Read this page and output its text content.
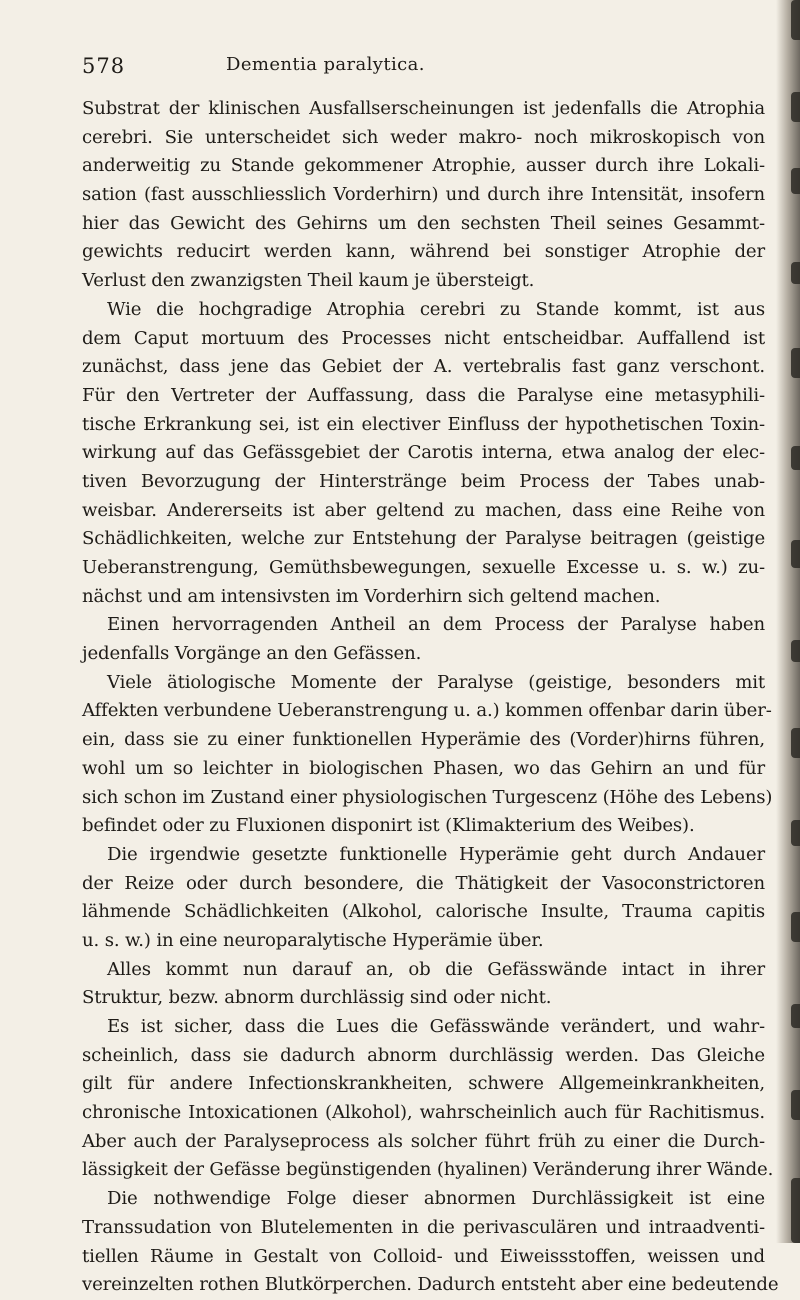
578	Dementia paralytica.
Substrat der klinischen Ausfallserscheinungen ist jedenfalls die Atrophia
cerebri. Sie unterscheidet sich weder makro- noch mikroskopisch von
anderweitig zu Stande gekommener Atrophie, ausser durch ihre Lokali-
sation (fast ausschliesslich Vorderhirn) und durch ihre Intensität, insofern
hier das Gewicht des Gehirns um den sechsten Theil seines Gesammt-
gewichts reducirt werden kann, während bei sonstiger Atrophie der
Verlust den zwanzigsten Theil kaum je übersteigt.
Wie die hochgradige Atrophia cerebri zu Stande kommt, ist aus
dem Caput mortuum des Processes nicht entscheidbar. Auffallend ist
zunächst, dass jene das Gebiet der A. vertebralis fast ganz verschont.
Für den Vertreter der Auffassung, dass die Paralyse eine metasyphili-
tische Erkrankung sei, ist ein electiver Einfluss der hypothetischen Toxin-
wirkung auf das Gefässgebiet der Carotis interna, etwa analog der elec-
tiven Bevorzugung der Hinterstränge beim Process der Tabes unab-
weisbar. Andererseits ist aber geltend zu machen, dass eine Reihe von
Schädlichkeiten, welche zur Entstehung der Paralyse beitragen (geistige
Ueberanstrengung, Gemüthsbewegungen, sexuelle Excesse u. s. w.) zu-
nächst und am intensivsten im Vorderhirn sich geltend machen.
Einen hervorragenden Antheil an dem Process der Paralyse haben
jedenfalls Vorgänge an den Gefässen.
Viele ätiologische Momente der Paralyse (geistige, besonders mit
Affekten verbundene Ueberanstrengung u. a.) kommen offenbar darin über-
ein, dass sie zu einer funktionellen Hyperämie des (Vorder)hirns führen,
wohl um so leichter in biologischen Phasen, wo das Gehirn an und für
sich schon im Zustand einer physiologischen Turgescenz (Höhe des Lebens)
befindet oder zu Fluxionen disponirt ist (Klimakterium des Weibes).
Die irgendwie gesetzte funktionelle Hyperämie geht durch Andauer
der Reize oder durch besondere, die Thätigkeit der Vasoconstrictoren
lähmende Schädlichkeiten (Alkohol, calorische Insulte, Trauma capitis
u. s. w.) in eine neuroparalytische Hyperämie über.
Alles kommt nun darauf an, ob die Gefässwände intact in ihrer
Struktur, bezw. abnorm durchlässig sind oder nicht.
Es ist sicher, dass die Lues die Gefässwände verändert, und wahr-
scheinlich, dass sie dadurch abnorm durchlässig werden. Das Gleiche
gilt für andere Infectionskrankheiten, schwere Allgemeinkrankheiten,
chronische Intoxicationen (Alkohol), wahrscheinlich auch für Rachitismus.
Aber auch der Paralyseprocess als solcher führt früh zu einer die Durch-
lässigkeit der Gefässe begünstigenden (hyalinen) Veränderung ihrer Wände.
Die nothwendige Folge dieser abnormen Durchlässigkeit ist eine
Transsudation von Blutelementen in die perivasculären und intraadventi-
tiellen Räume in Gestalt von Colloid- und Eiweissstoffen, weissen und
vereinzelten rothen Blutkörperchen. Dadurch entsteht aber eine bedeutende
